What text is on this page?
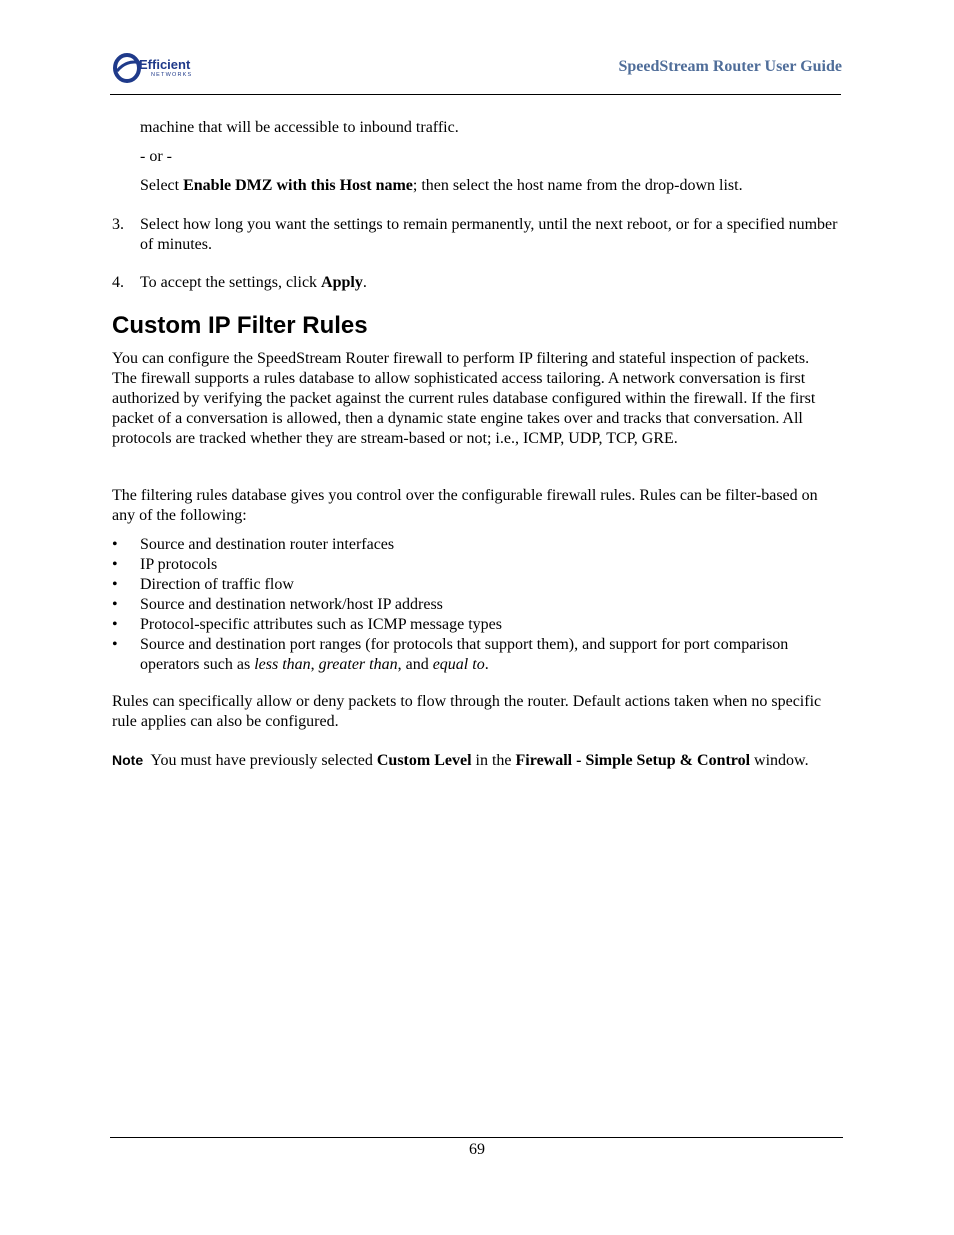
Efficient
NETWORKS	SpeedStream Router User Guide
machine that will be accessible to inbound traffic.
- or -
Select Enable DMZ with this Host name; then select the host name from the drop-down list.
3. Select how long you want the settings to remain permanently, until the next reboot, or for a specified number of minutes.
4. To accept the settings, click Apply.
Custom IP Filter Rules
You can configure the SpeedStream Router firewall to perform IP filtering and stateful inspection of packets. The firewall supports a rules database to allow sophisticated access tailoring. A network conversation is first authorized by verifying the packet against the current rules database configured within the firewall. If the first packet of a conversation is allowed, then a dynamic state engine takes over and tracks that conversation. All protocols are tracked whether they are stream-based or not; i.e., ICMP, UDP, TCP, GRE.
The filtering rules database gives you control over the configurable firewall rules. Rules can be filter-based on any of the following:
•	Source and destination router interfaces
•	IP protocols
•	Direction of traffic flow
•	Source and destination network/host IP address
•	Protocol-specific attributes such as ICMP message types
•	Source and destination port ranges (for protocols that support them), and support for port comparison operators such as less than, greater than, and equal to.
Rules can specifically allow or deny packets to flow through the router. Default actions taken when no specific rule applies can also be configured.
Note  You must have previously selected Custom Level in the Firewall - Simple Setup & Control window.
69
